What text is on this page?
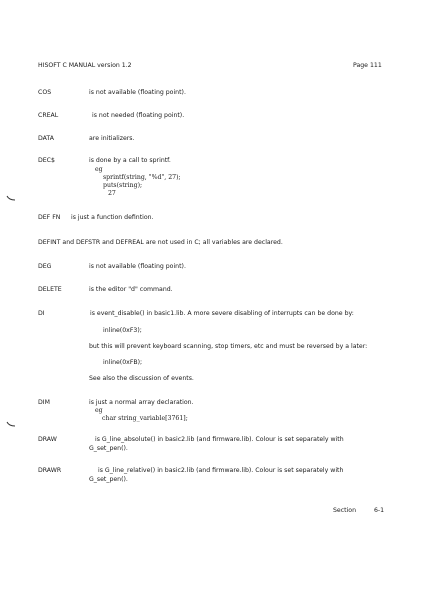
HISOFT C MANUAL version 1.2	Page 111
COS	is not available (floating point).
CREAL	is not needed (floating point).
DATA	are initializers.
DEC$	is done by a call to sprintf.
eg
sprintf(string, "%d", 27);
puts(string);
27
DEF FN is just a function defintion.
DEFINT and DEFSTR and DEFREAL are not used in C; all variables are declared.
DEG	is not available (floating point).
DELETE	is the editor "d" command.
DI	is event_disable() in basic1.lib. A more severe disabling of interrupts can be done by:
inline(0xF3);
but this will prevent keyboard scanning, stop timers, etc and must be reversed by a later:
inline(0xFB);
See also the discussion of events.
DIM	is just a normal array declaration.
eg
char string_variable[3761];
DRAW	is G_line_absolute() in basic2.lib (and firmware.lib). Colour is set separately with
G_set_pen().
DRAWR	is G_line_relative() in basic2.lib (and firmware.lib). Colour is set separately with
G_set_pen().
Section	6-1
